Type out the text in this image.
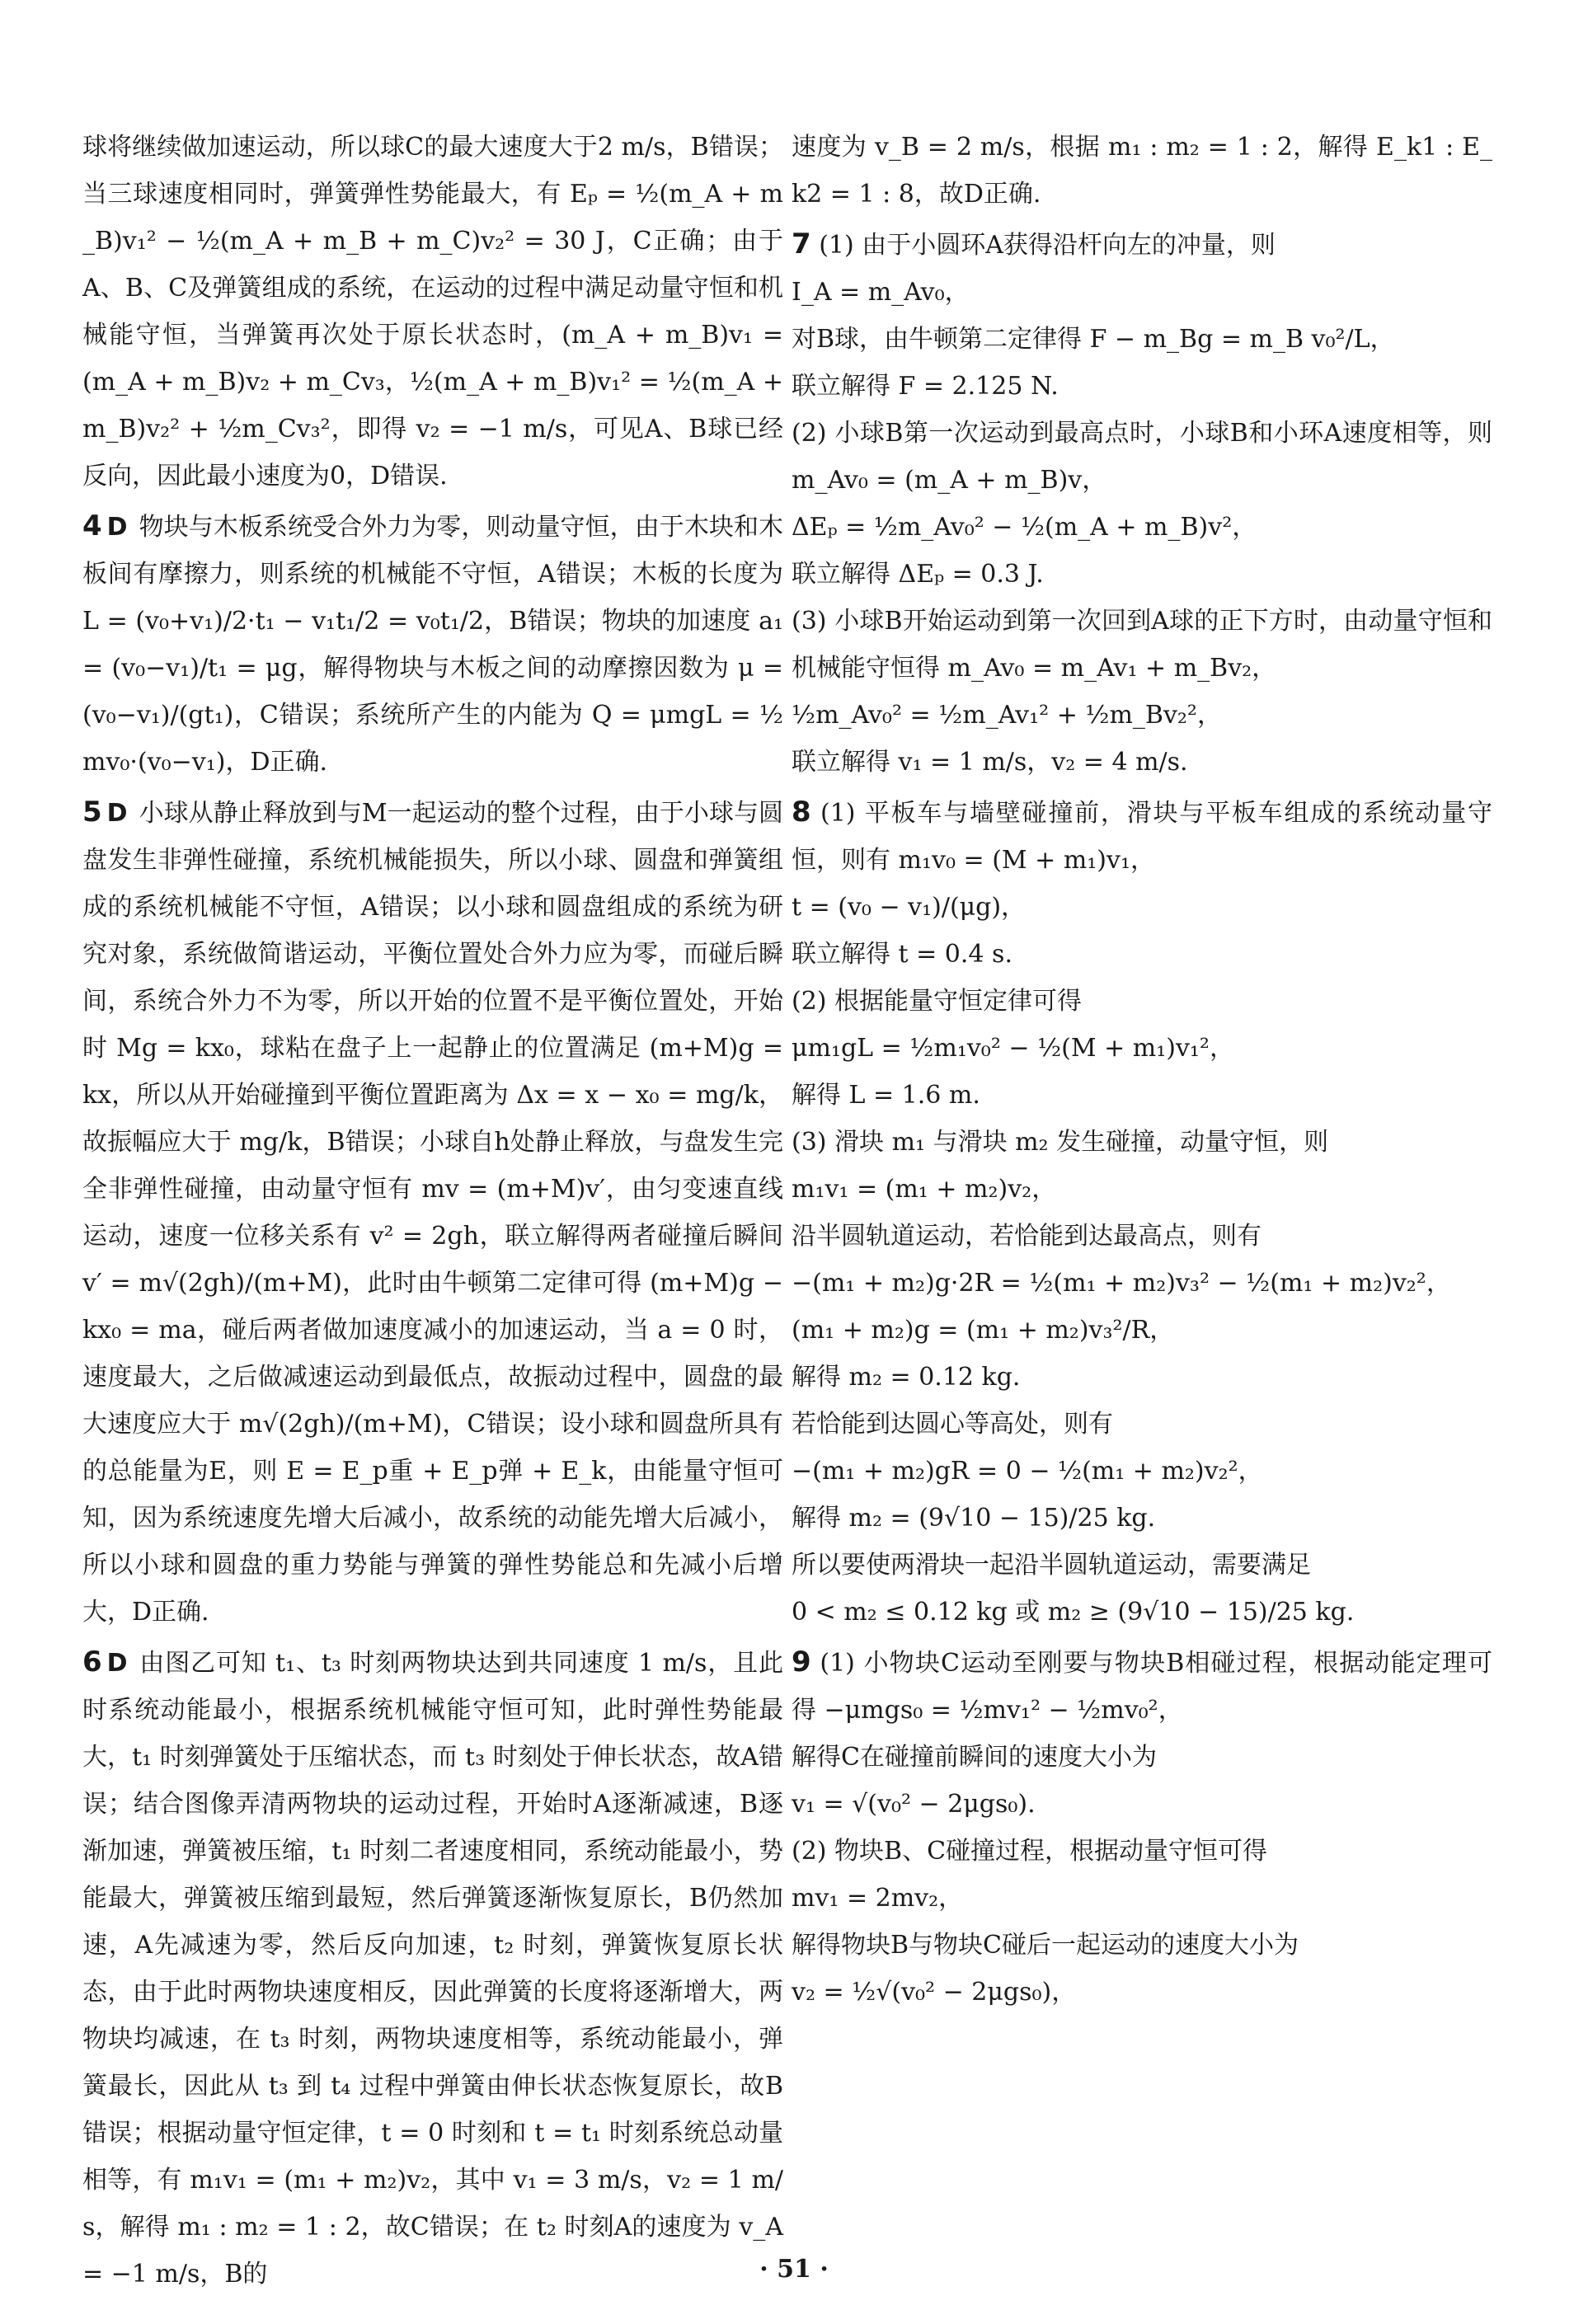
球将继续做加速运动，所以球C的最大速度大于2 m/s，B错误；当三球速度相同时，弹簧弹性势能最大，有 Eₚ = ½(m_A + m_B)v₁² − ½(m_A + m_B + m_C)v₂² = 30 J，C正确；由于A、B、C及弹簧组成的系统，在运动的过程中满足动量守恒和机械能守恒，当弹簧再次处于原长状态时，(m_A + m_B)v₁ = (m_A + m_B)v₂ + m_Cv₃，½(m_A + m_B)v₁² = ½(m_A + m_B)v₂² + ½m_Cv₃²，即得 v₂ = −1 m/s，可见A、B球已经反向，因此最小速度为0，D错误.

4 D 物块与木板系统受合外力为零，则动量守恒，由于木块和木板间有摩擦力，则系统的机械能不守恒，A错误；木板的长度为 L = (v₀+v₁)/2·t₁ − v₁t₁/2 = v₀t₁/2，B错误；物块的加速度 a₁ = (v₀−v₁)/t₁ = μg，解得物块与木板之间的动摩擦因数为 μ = (v₀−v₁)/(gt₁)，C错误；系统所产生的内能为 Q = μmgL = ½mv₀·(v₀−v₁)，D正确.

5 D 小球从静止释放到与M一起运动的整个过程，由于小球与圆盘发生非弹性碰撞，系统机械能损失，所以小球、圆盘和弹簧组成的系统机械能不守恒，A错误；以小球和圆盘组成的系统为研究对象，系统做简谐运动，平衡位置处合外力应为零，而碰后瞬间，系统合外力不为零，所以开始的位置不是平衡位置处，开始时 Mg = kx₀，球粘在盘子上一起静止的位置满足 (m+M)g = kx，所以从开始碰撞到平衡位置距离为 Δx = x − x₀ = mg/k，故振幅应大于 mg/k，B错误；小球自h处静止释放，与盘发生完全非弹性碰撞，由动量守恒有 mv = (m+M)v′，由匀变速直线运动，速度一位移关系有 v² = 2gh，联立解得两者碰撞后瞬间 v′ = m√(2gh)/(m+M)，此时由牛顿第二定律可得 (m+M)g − kx₀ = ma，碰后两者做加速度减小的加速运动，当 a = 0 时，速度最大，之后做减速运动到最低点，故振动过程中，圆盘的最大速度应大于 m√(2gh)/(m+M)，C错误；设小球和圆盘所具有的总能量为E，则 E = E_p重 + E_p弹 + E_k，由能量守恒可知，因为系统速度先增大后减小，故系统的动能先增大后减小，所以小球和圆盘的重力势能与弹簧的弹性势能总和先减小后增大，D正确.

6 D 由图乙可知 t₁、t₃ 时刻两物块达到共同速度 1 m/s，且此时系统动能最小，根据系统机械能守恒可知，此时弹性势能最大，t₁ 时刻弹簧处于压缩状态，而 t₃ 时刻处于伸长状态，故A错误；结合图像弄清两物块的运动过程，开始时A逐渐减速，B逐渐加速，弹簧被压缩，t₁ 时刻二者速度相同，系统动能最小，势能最大，弹簧被压缩到最短，然后弹簧逐渐恢复原长，B仍然加速，A先减速为零，然后反向加速，t₂ 时刻，弹簧恢复原长状态，由于此时两物块速度相反，因此弹簧的长度将逐渐增大，两物块均减速，在 t₃ 时刻，两物块速度相等，系统动能最小，弹簧最长，因此从 t₃ 到 t₄ 过程中弹簧由伸长状态恢复原长，故B错误；根据动量守恒定律，t = 0 时刻和 t = t₁ 时刻系统总动量相等，有 m₁v₁ = (m₁ + m₂)v₂，其中 v₁ = 3 m/s，v₂ = 1 m/s，解得 m₁ : m₂ = 1 : 2，故C错误；在 t₂ 时刻A的速度为 v_A = −1 m/s，B的

速度为 v_B = 2 m/s，根据 m₁ : m₂ = 1 : 2，解得 E_k1 : E_k2 = 1 : 8，故D正确.

7 (1) 由于小圆环A获得沿杆向左的冲量，则

I_A = m_Av₀，

对B球，由牛顿第二定律得 F − m_Bg = m_B v₀²/L，

联立解得 F = 2.125 N.

(2) 小球B第一次运动到最高点时，小球B和小环A速度相等，则 m_Av₀ = (m_A + m_B)v，

ΔEₚ = ½m_Av₀² − ½(m_A + m_B)v²，

联立解得 ΔEₚ = 0.3 J.

(3) 小球B开始运动到第一次回到A球的正下方时，由动量守恒和机械能守恒得 m_Av₀ = m_Av₁ + m_Bv₂，

½m_Av₀² = ½m_Av₁² + ½m_Bv₂²，

联立解得 v₁ = 1 m/s，v₂ = 4 m/s.

8 (1) 平板车与墙壁碰撞前，滑块与平板车组成的系统动量守恒，则有 m₁v₀ = (M + m₁)v₁，

t = (v₀ − v₁)/(μg)，

联立解得 t = 0.4 s.

(2) 根据能量守恒定律可得

μm₁gL = ½m₁v₀² − ½(M + m₁)v₁²，

解得 L = 1.6 m.

(3) 滑块 m₁ 与滑块 m₂ 发生碰撞，动量守恒，则

m₁v₁ = (m₁ + m₂)v₂，

沿半圆轨道运动，若恰能到达最高点，则有

−(m₁ + m₂)g·2R = ½(m₁ + m₂)v₃² − ½(m₁ + m₂)v₂²，

(m₁ + m₂)g = (m₁ + m₂)v₃²/R，

解得 m₂ = 0.12 kg.

若恰能到达圆心等高处，则有

−(m₁ + m₂)gR = 0 − ½(m₁ + m₂)v₂²，

解得 m₂ = (9√10 − 15)/25 kg.

所以要使两滑块一起沿半圆轨道运动，需要满足

0 < m₂ ≤ 0.12 kg 或 m₂ ≥ (9√10 − 15)/25 kg.

9 (1) 小物块C运动至刚要与物块B相碰过程，根据动能定理可得 −μmgs₀ = ½mv₁² − ½mv₀²，

解得C在碰撞前瞬间的速度大小为

v₁ = √(v₀² − 2μgs₀).

(2) 物块B、C碰撞过程，根据动量守恒可得

mv₁ = 2mv₂，

解得物块B与物块C碰后一起运动的速度大小为

v₂ = ½√(v₀² − 2μgs₀)，

· 51 ·
